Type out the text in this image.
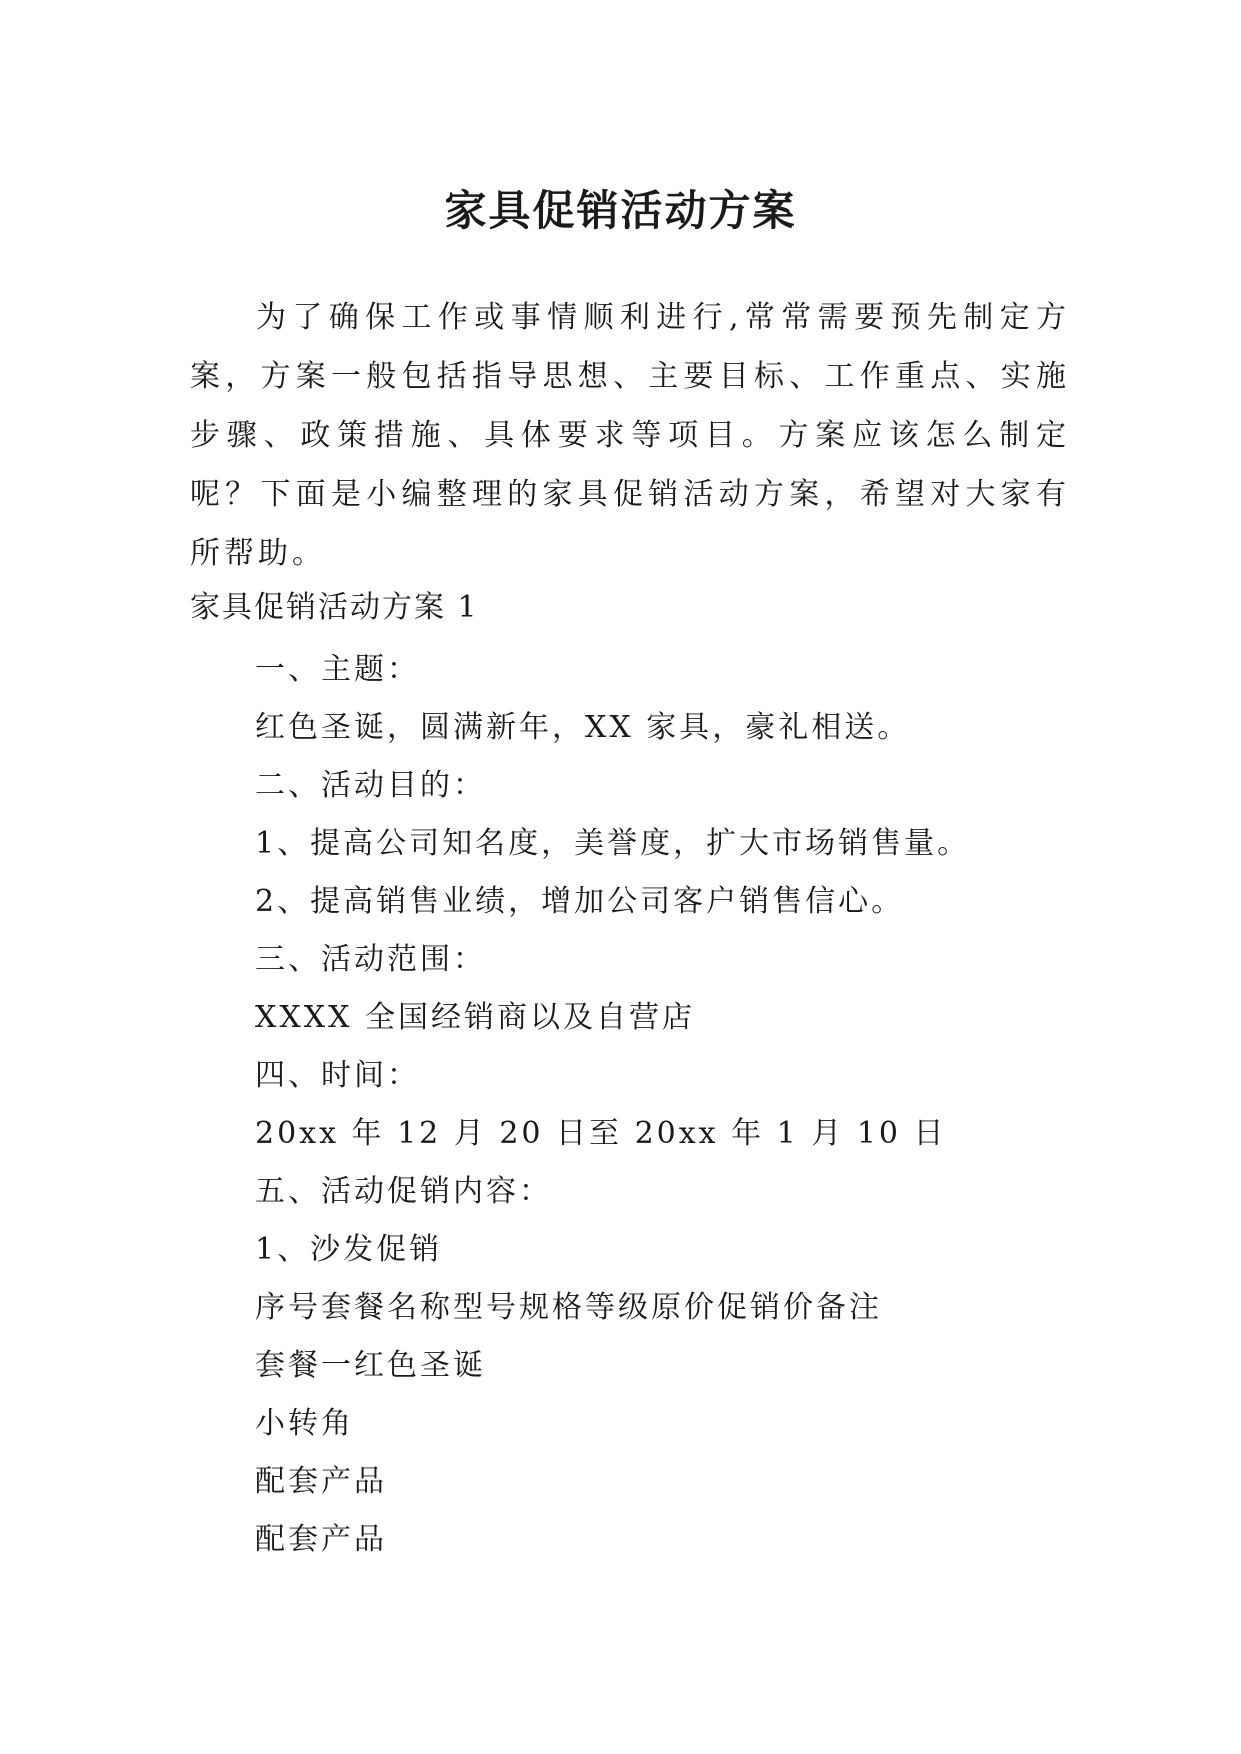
家具促销活动方案

为了确保工作或事情顺利进行,常常需要预先制定方案，方案一般包括指导思想、主要目标、工作重点、实施步骤、政策措施、具体要求等项目。方案应该怎么制定呢？下面是小编整理的家具促销活动方案，希望对大家有所帮助。

家具促销活动方案 1

一、主题：
红色圣诞，圆满新年，XX 家具，豪礼相送。
二、活动目的：
1、提高公司知名度，美誉度，扩大市场销售量。
2、提高销售业绩，增加公司客户销售信心。
三、活动范围：
XXXX 全国经销商以及自营店
四、时间：
20xx 年 12 月 20 日至 20xx 年 1 月 10 日
五、活动促销内容：
1、沙发促销
序号套餐名称型号规格等级原价促销价备注
套餐一红色圣诞
小转角
配套产品
配套产品
